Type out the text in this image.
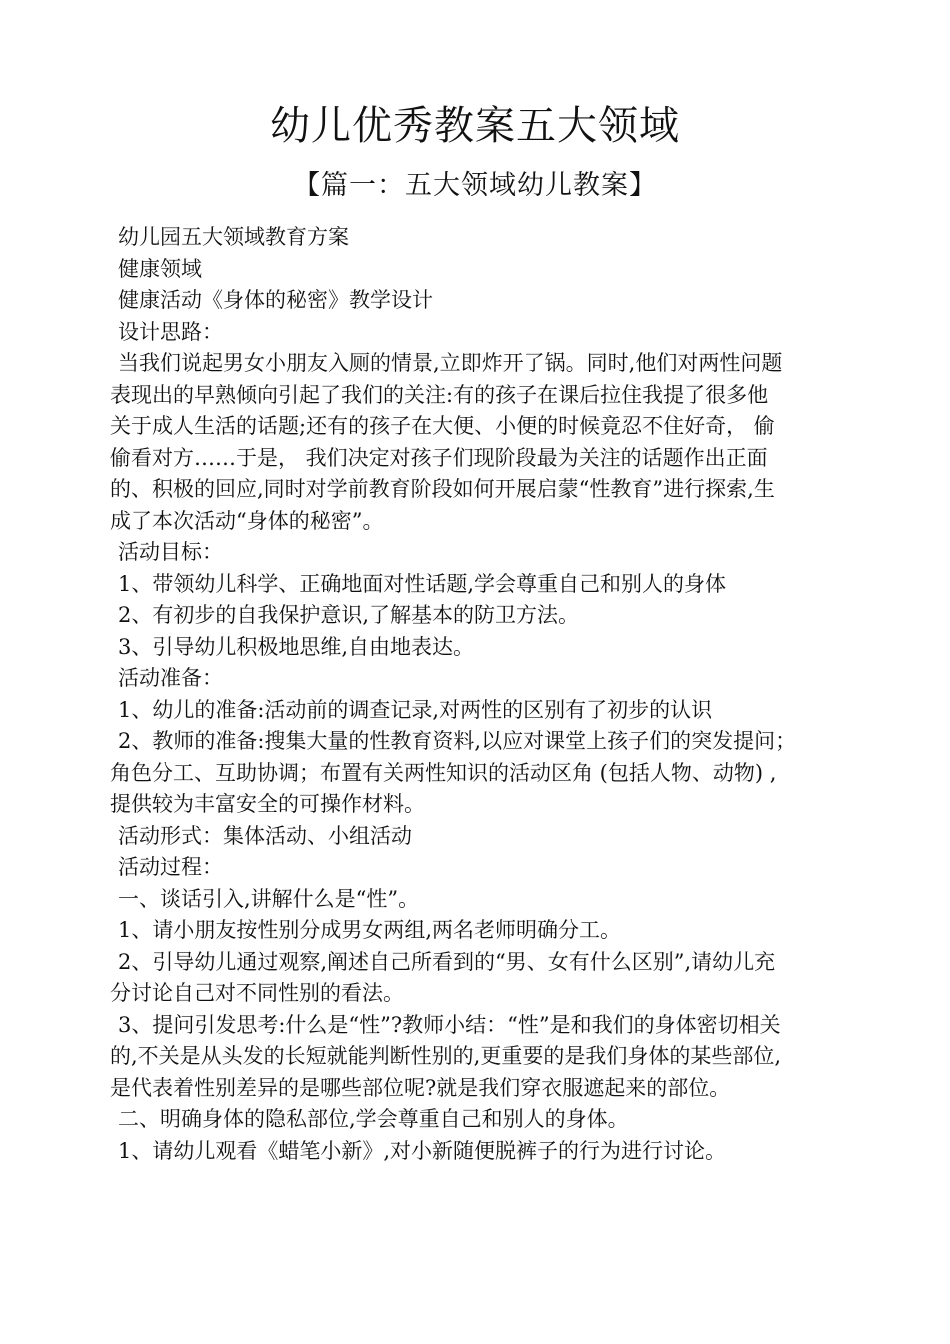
幼儿优秀教案五大领域
【篇一：五大领域幼儿教案】
幼儿园五大领域教育方案
健康领域
健康活动《身体的秘密》教学设计
设计思路：
当我们说起男女小朋友入厕的情景,立即炸开了锅。同时,他们对两性问题
表现出的早熟倾向引起了我们的关注:有的孩子在课后拉住我提了很多他
关于成人生活的话题;还有的孩子在大便、小便的时候竟忍不住好奇， 偷
偷看对方……于是， 我们决定对孩子们现阶段最为关注的话题作出正面
的、积极的回应,同时对学前教育阶段如何开展启蒙“性教育”进行探索,生
成了本次活动“身体的秘密”。
活动目标：
1、带领幼儿科学、正确地面对性话题,学会尊重自己和别人的身体
2、有初步的自我保护意识,了解基本的防卫方法。
3、引导幼儿积极地思维,自由地表达。
活动准备：
1、幼儿的准备:活动前的调查记录,对两性的区别有了初步的认识
2、教师的准备:搜集大量的性教育资料,以应对课堂上孩子们的突发提问；
角色分工、互助协调；布置有关两性知识的活动区角 (包括人物、动物) ,
提供较为丰富安全的可操作材料。
活动形式：集体活动、小组活动
活动过程：
一、谈话引入,讲解什么是“性”。
1、请小朋友按性别分成男女两组,两名老师明确分工。
2、引导幼儿通过观察,阐述自己所看到的“男、女有什么区别”,请幼儿充
分讨论自己对不同性别的看法。
3、提问引发思考:什么是“性”?教师小结：“性”是和我们的身体密切相关
的,不关是从头发的长短就能判断性别的,更重要的是我们身体的某些部位,
是代表着性别差异的是哪些部位呢?就是我们穿衣服遮起来的部位。
二、明确身体的隐私部位,学会尊重自己和别人的身体。
1、请幼儿观看《蜡笔小新》,对小新随便脱裤子的行为进行讨论。
